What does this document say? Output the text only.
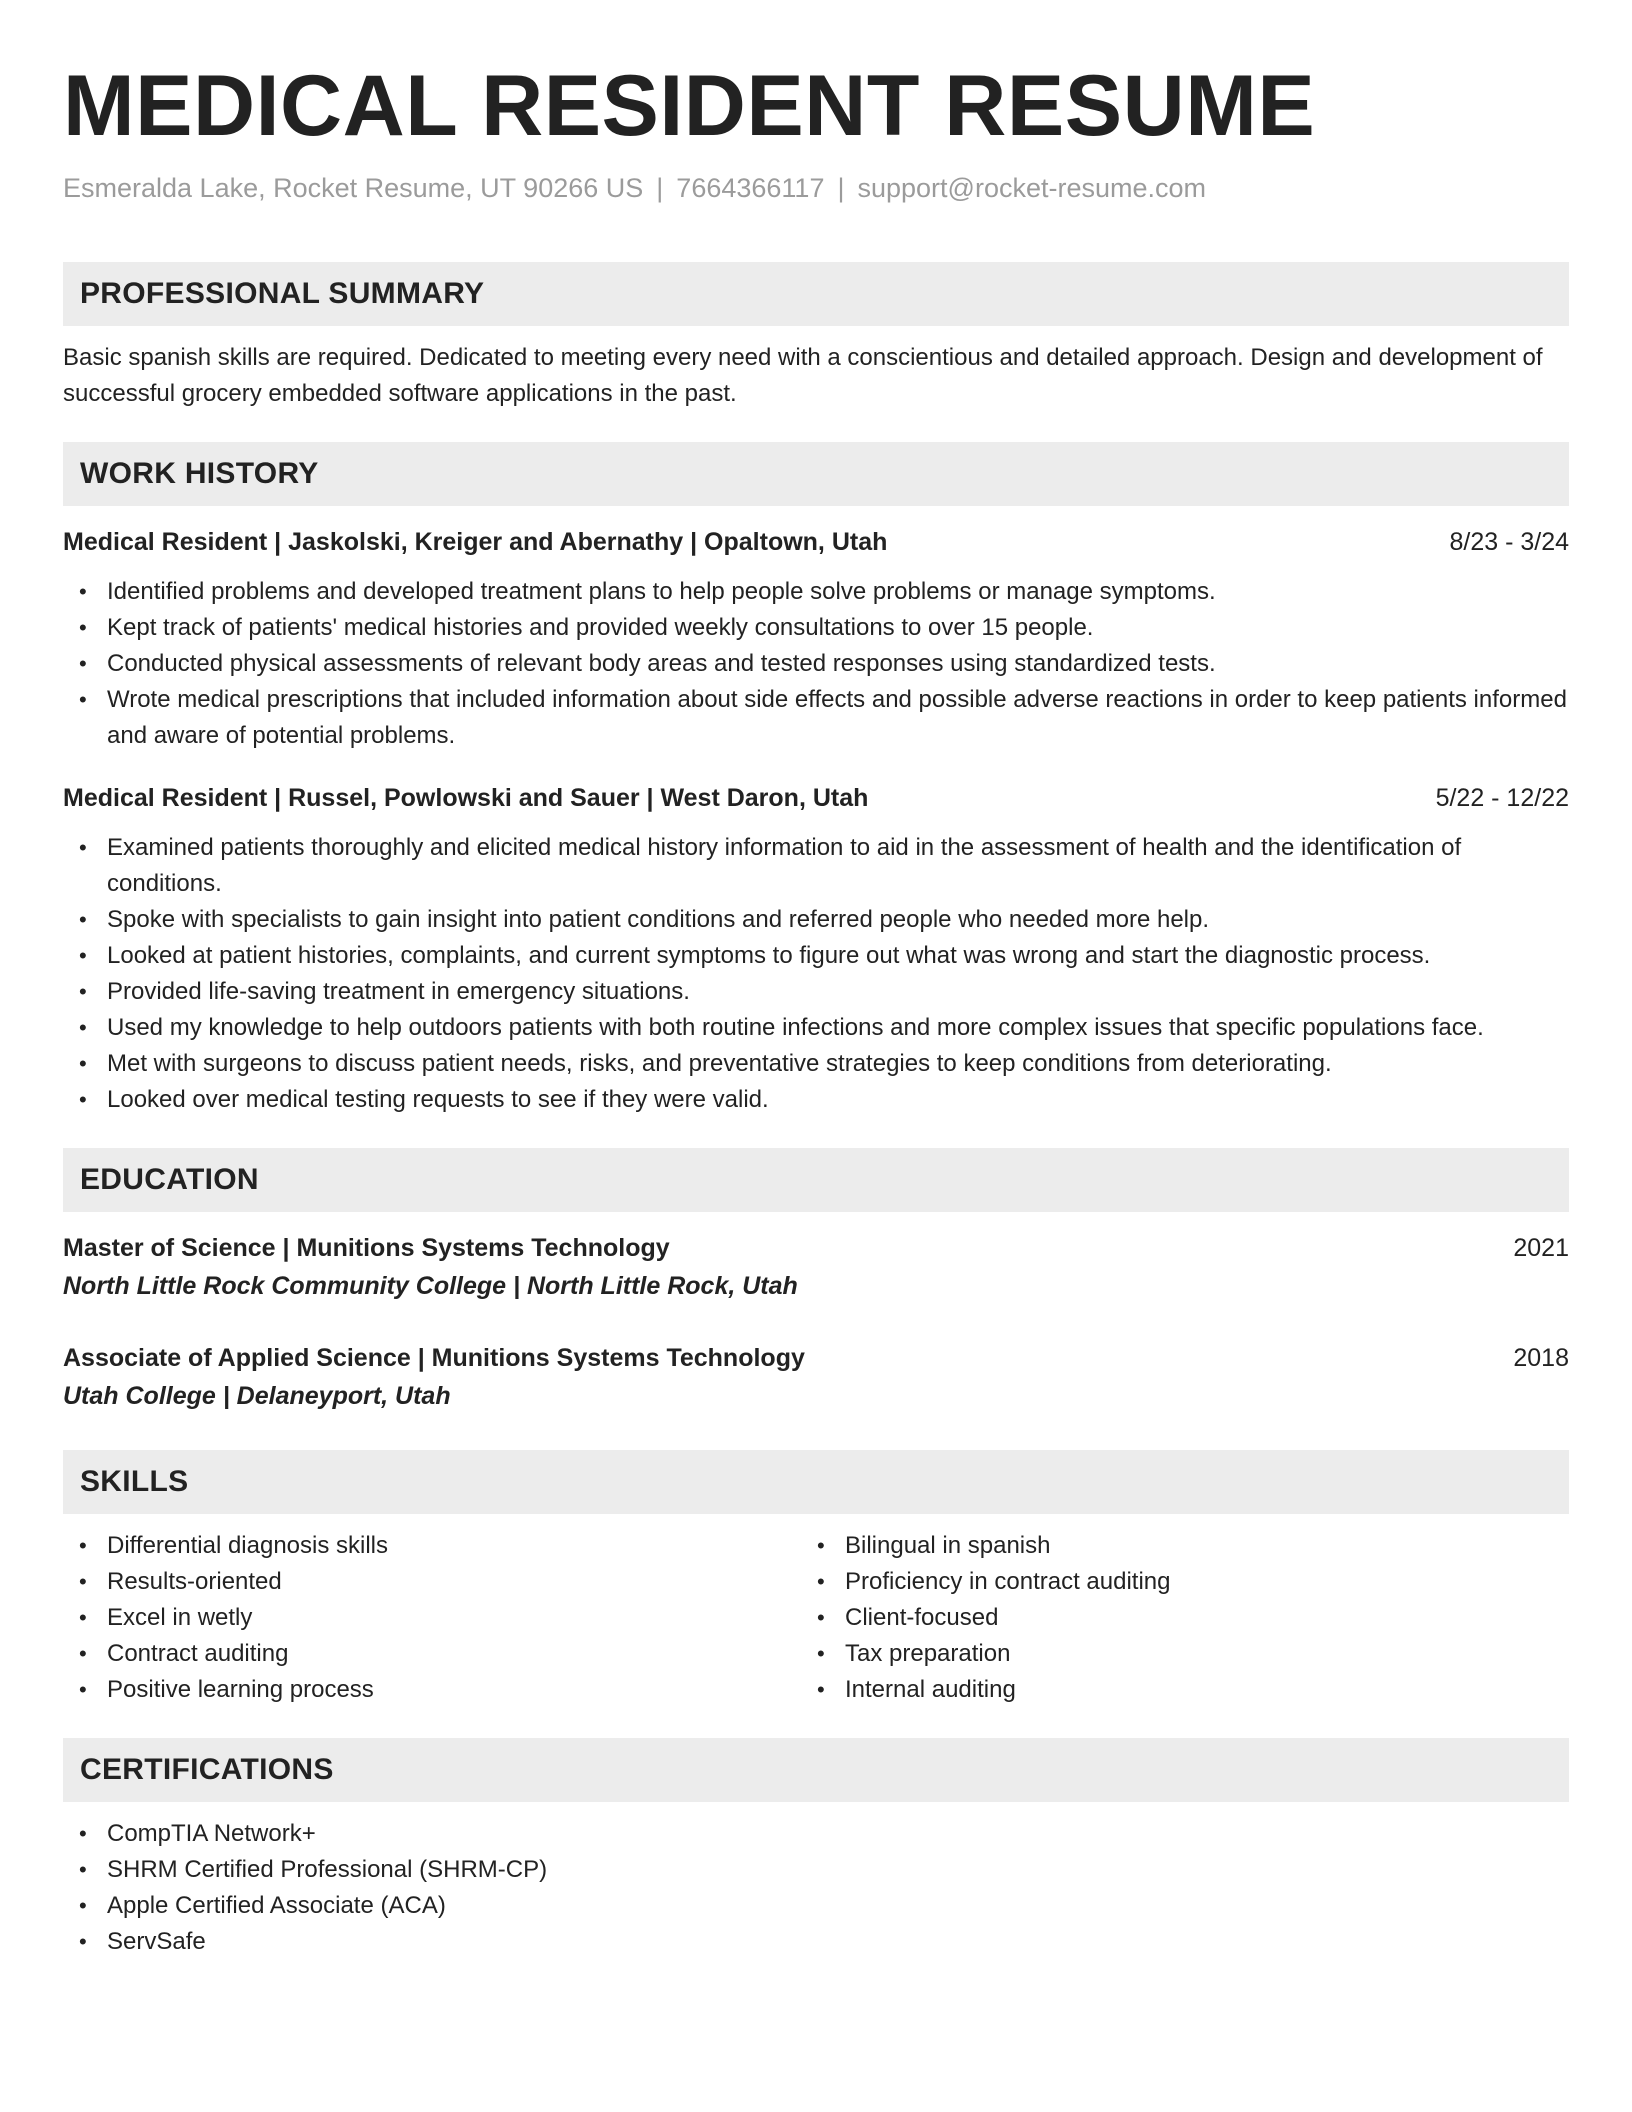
MEDICAL RESIDENT RESUME
Esmeralda Lake, Rocket Resume, UT 90266 US | 7664366117 | support@rocket-resume.com
PROFESSIONAL SUMMARY
Basic spanish skills are required. Dedicated to meeting every need with a conscientious and detailed approach. Design and development of successful grocery embedded software applications in the past.
WORK HISTORY
Medical Resident | Jaskolski, Kreiger and Abernathy | Opaltown, Utah	8/23 - 3/24
• Identified problems and developed treatment plans to help people solve problems or manage symptoms.
• Kept track of patients' medical histories and provided weekly consultations to over 15 people.
• Conducted physical assessments of relevant body areas and tested responses using standardized tests.
• Wrote medical prescriptions that included information about side effects and possible adverse reactions in order to keep patients informed and aware of potential problems.
Medical Resident | Russel, Powlowski and Sauer | West Daron, Utah	5/22 - 12/22
• Examined patients thoroughly and elicited medical history information to aid in the assessment of health and the identification of conditions.
• Spoke with specialists to gain insight into patient conditions and referred people who needed more help.
• Looked at patient histories, complaints, and current symptoms to figure out what was wrong and start the diagnostic process.
• Provided life-saving treatment in emergency situations.
• Used my knowledge to help outdoors patients with both routine infections and more complex issues that specific populations face.
• Met with surgeons to discuss patient needs, risks, and preventative strategies to keep conditions from deteriorating.
• Looked over medical testing requests to see if they were valid.
EDUCATION
Master of Science | Munitions Systems Technology	2021
North Little Rock Community College | North Little Rock, Utah
Associate of Applied Science | Munitions Systems Technology	2018
Utah College | Delaneyport, Utah
SKILLS
• Differential diagnosis skills
• Results-oriented
• Excel in wetly
• Contract auditing
• Positive learning process
• Bilingual in spanish
• Proficiency in contract auditing
• Client-focused
• Tax preparation
• Internal auditing
CERTIFICATIONS
• CompTIA Network+
• SHRM Certified Professional (SHRM-CP)
• Apple Certified Associate (ACA)
• ServSafe
